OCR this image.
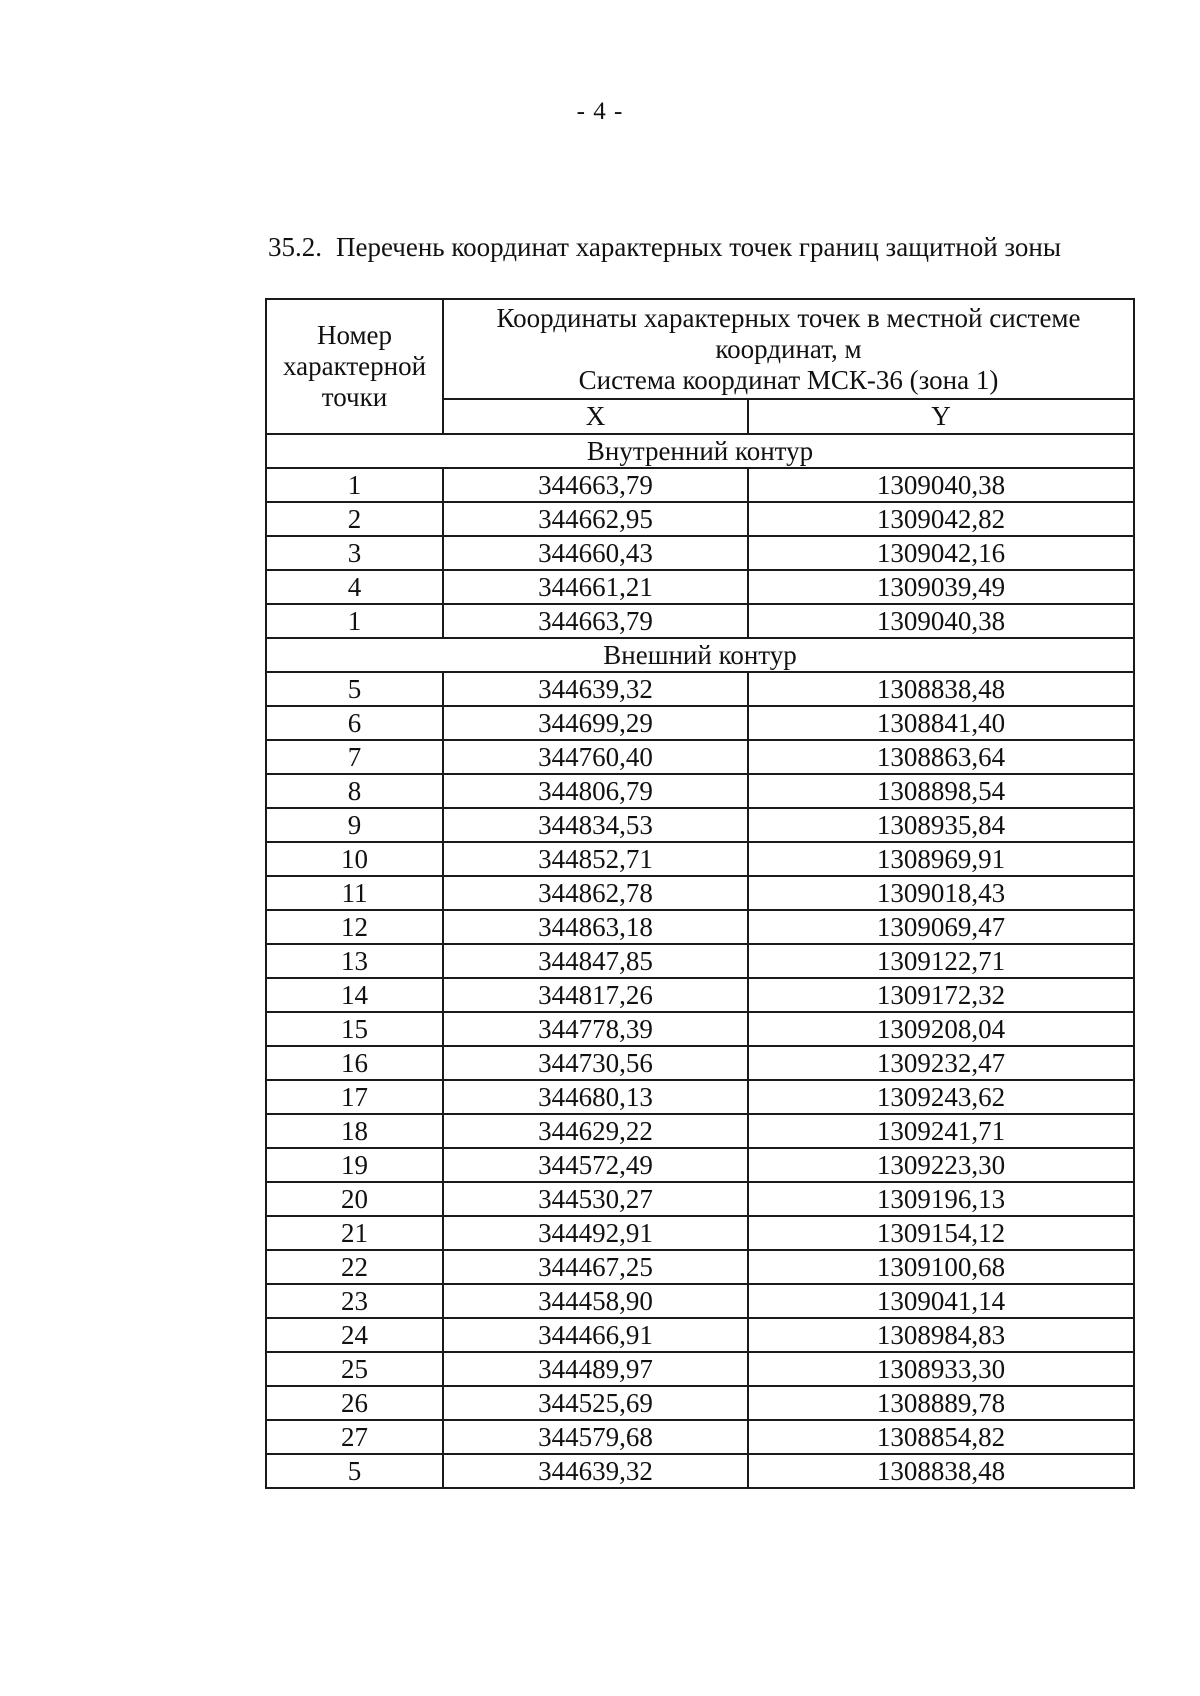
- 4 -
35.2. Перечень координат характерных точек границ защитной зоны
Номер характерной точки	Координаты характерных точек в местной системе
координат, м
Система координат МСК-36 (зона 1)	

	X	Y
Внутренний контур		
1	344663,79	1309040,38
2	344662,95	1309042,82
3	344660,43	1309042,16
4	344661,21	1309039,49
1	344663,79	1309040,38
Внешний контур		
5	344639,32	1308838,48
6	344699,29	1308841,40
7	344760,40	1308863,64
8	344806,79	1308898,54
9	344834,53	1308935,84
10	344852,71	1308969,91
11	344862,78	1309018,43
12	344863,18	1309069,47
13	344847,85	1309122,71
14	344817,26	1309172,32
15	344778,39	1309208,04
16	344730,56	1309232,47
17	344680,13	1309243,62
18	344629,22	1309241,71
19	344572,49	1309223,30
20	344530,27	1309196,13
21	344492,91	1309154,12
22	344467,25	1309100,68
23	344458,90	1309041,14
24	344466,91	1308984,83
25	344489,97	1308933,30
26	344525,69	1308889,78
27	344579,68	1308854,82
5	344639,32	1308838,48
